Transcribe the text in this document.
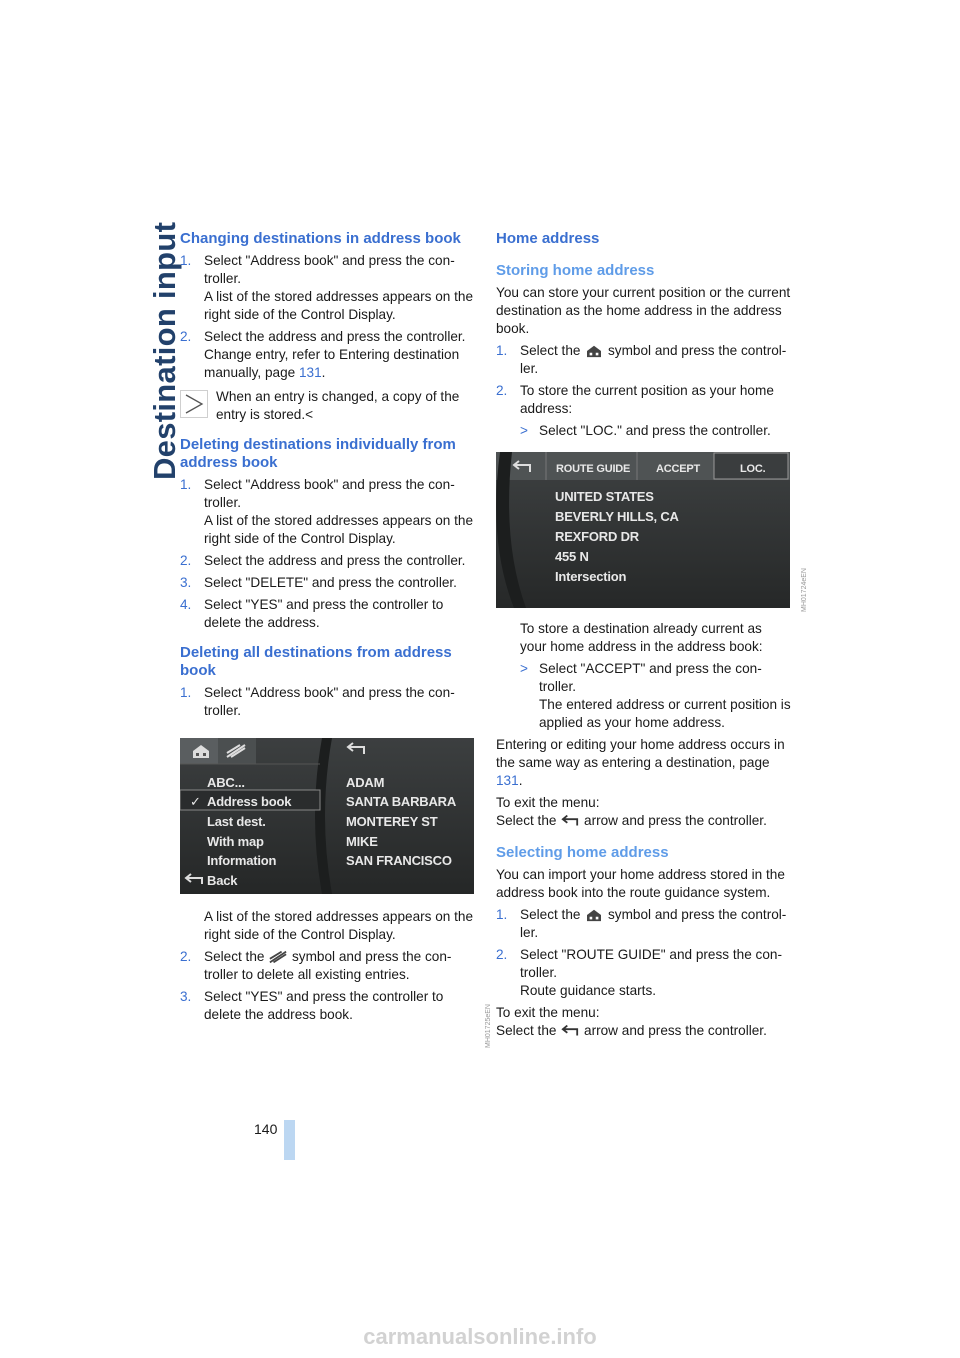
Destination input
Changing destinations in address book
1. Select "Address book" and press the controller.
A list of the stored addresses appears on the right side of the Control Display.
2. Select the address and press the controller.
Change entry, refer to Entering destination manually, page 131.
When an entry is changed, a copy of the entry is stored.<
Deleting destinations individually from address book
1. Select "Address book" and press the controller.
A list of the stored addresses appears on the right side of the Control Display.
2. Select the address and press the controller.
3. Select "DELETE" and press the controller.
4. Select "YES" and press the controller to delete the address.
Deleting all destinations from address book
1. Select "Address book" and press the controller.
ABC...
✓ Address book
Last dest.
With map
Information
Back
ADAM
SANTA BARBARA
MONTEREY ST
MIKE
SAN FRANCISCO
MH01725eEN

A list of the stored addresses appears on the right side of the Control Display.

2. Select the  symbol and press the controller to delete all existing entries.
3. Select "YES" and press the controller to delete the address book.
Home address
Storing home address

You can store your current position or the current destination as the home address in the address book.

1. Select the  symbol and press the controller.
2. To store the current position as your home address:
> Select "LOC." and press the controller.
ROUTE GUIDE ACCEPT	LOC.
UNITED STATES
BEVERLY HILLS, CA
REXFORD DR
455 N
Intersection

To store a destination already current as your home address in the address book:

> Select "ACCEPT" and press the controller.
The entered address or current position is applied as your home address.

Entering or editing your home address occurs in the same way as entering a destination, page 131.

To exit the menu:
Select the  arrow and press the controller.

Selecting home address

You can import your home address stored in the address book into the route guidance system.

1. Select the  symbol and press the controller.
2. Select "ROUTE GUIDE" and press the controller.
Route guidance starts.

To exit the menu:
Select the  arrow and press the controller.

MH01724eEN
140
carmanualsonline.info
